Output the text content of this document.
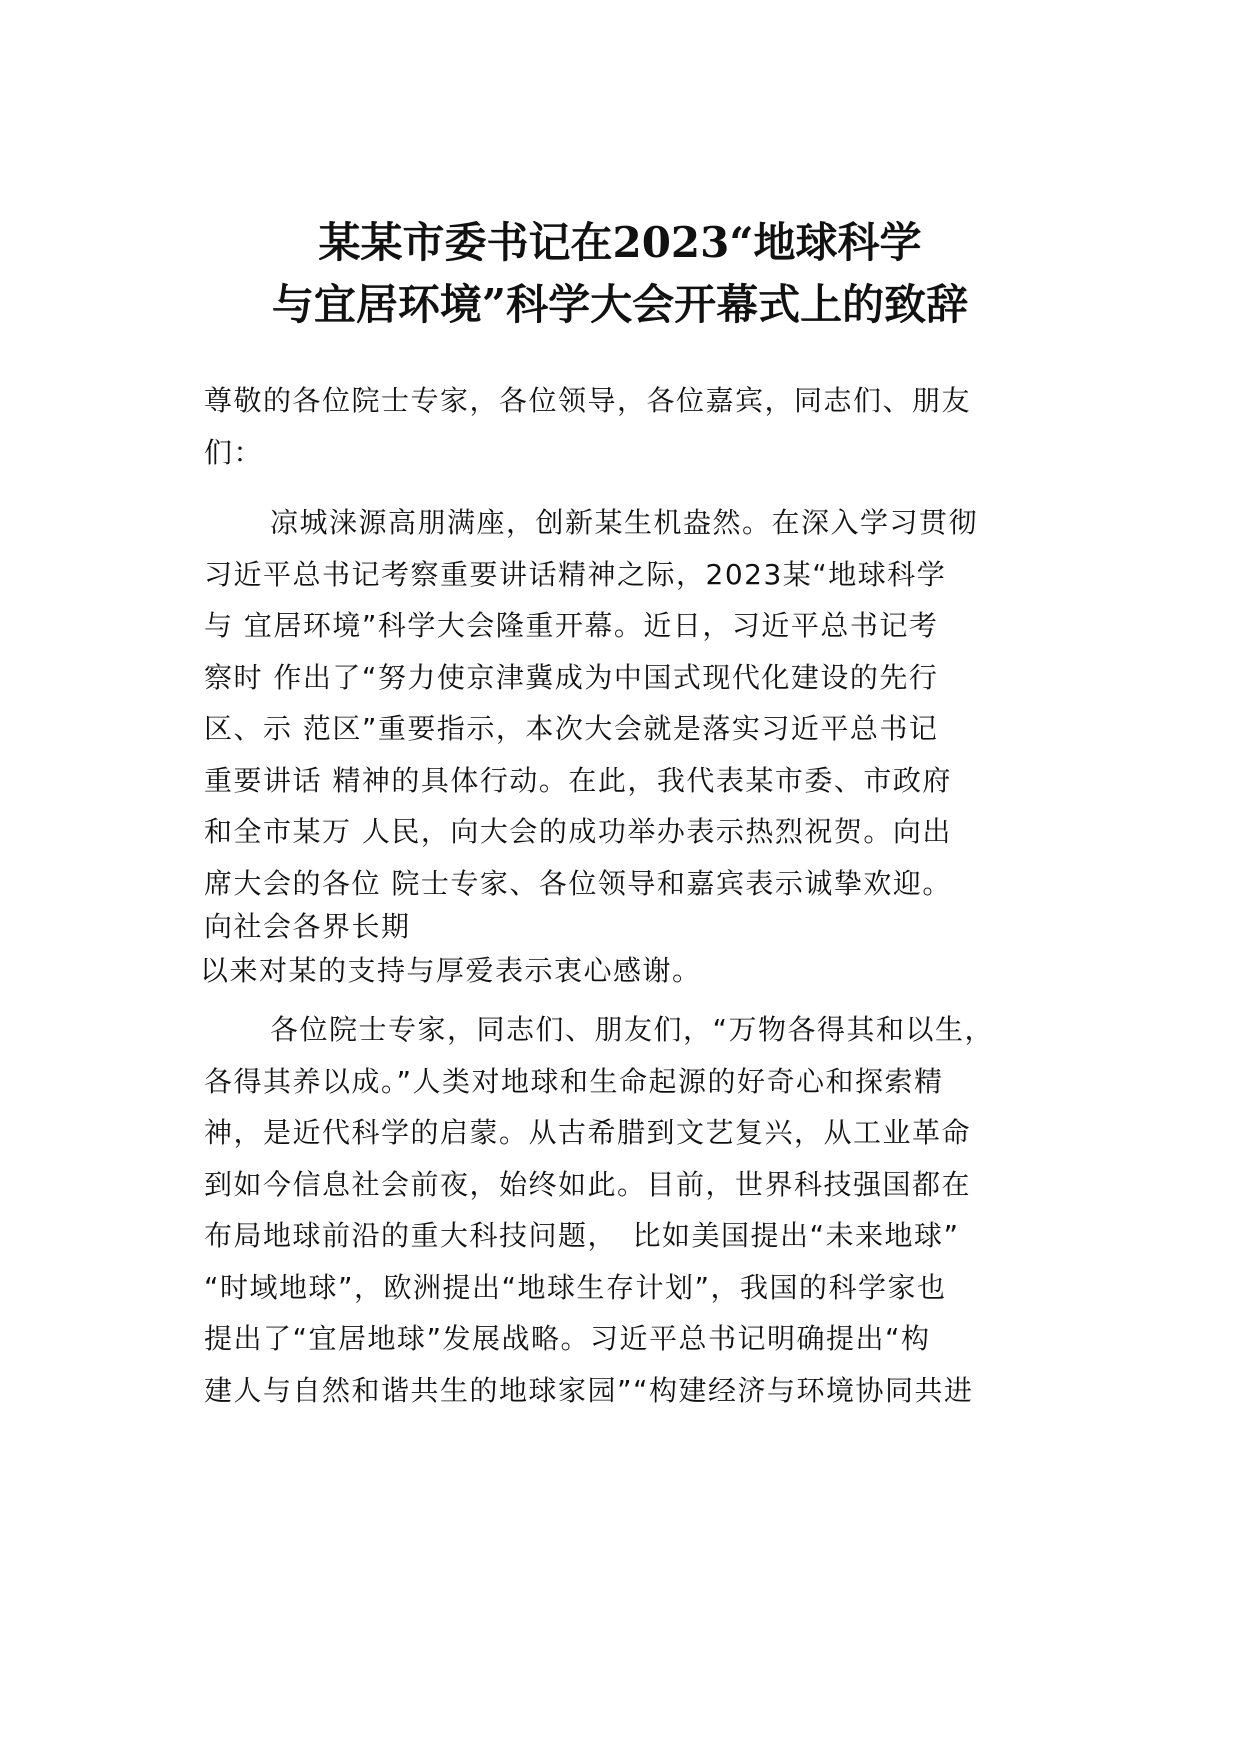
某某市委书记在2023“地球科学
与宜居环境”科学大会开幕式上的致辞
尊敬的各位院士专家，各位领导，各位嘉宾，同志们、朋友
们：
凉城涞源高朋满座，创新某生机盎然。在深入学习贯彻
习近平总书记考察重要讲话精神之际，2023某“地球科学
与 宜居环境”科学大会隆重开幕。近日，习近平总书记考
察时 作出了“努力使京津冀成为中国式现代化建设的先行
区、示 范区”重要指示，本次大会就是落实习近平总书记
重要讲话 精神的具体行动。在此，我代表某市委、市政府
和全市某万 人民，向大会的成功举办表示热烈祝贺。向出
席大会的各位 院士专家、各位领导和嘉宾表示诚挚欢迎。
向社会各界长期
以来对某的支持与厚爱表示衷心感谢。
各位院士专家，同志们、朋友们，“万物各得其和以生，
各得其养以成。”人类对地球和生命起源的好奇心和探索精
神，是近代科学的启蒙。从古希腊到文艺复兴，从工业革命
到如今信息社会前夜，始终如此。目前，世界科技强国都在
布局地球前沿的重大科技问题，　比如美国提出“未来地球”
“时域地球”，欧洲提出“地球生存计划”，我国的科学家也
提出了“宜居地球”发展战略。习近平总书记明确提出“构
建人与自然和谐共生的地球家园”“构建经济与环境协同共进
